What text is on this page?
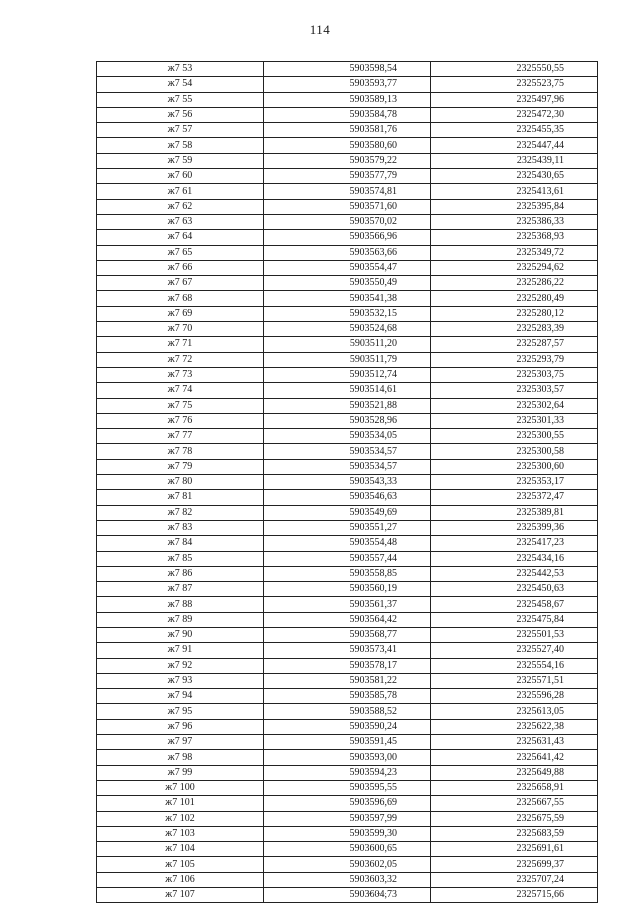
114
ж7 53	5903598,54	2325550,55
ж7 54	5903593,77	2325523,75
ж7 55	5903589,13	2325497,96
ж7 56	5903584,78	2325472,30
ж7 57	5903581,76	2325455,35
ж7 58	5903580,60	2325447,44
ж7 59	5903579,22	2325439,11
ж7 60	5903577,79	2325430,65
ж7 61	5903574,81	2325413,61
ж7 62	5903571,60	2325395,84
ж7 63	5903570,02	2325386,33
ж7 64	5903566,96	2325368,93
ж7 65	5903563,66	2325349,72
ж7 66	5903554,47	2325294,62
ж7 67	5903550,49	2325286,22
ж7 68	5903541,38	2325280,49
ж7 69	5903532,15	2325280,12
ж7 70	5903524,68	2325283,39
ж7 71	5903511,20	2325287,57
ж7 72	5903511,79	2325293,79
ж7 73	5903512,74	2325303,75
ж7 74	5903514,61	2325303,57
ж7 75	5903521,88	2325302,64
ж7 76	5903528,96	2325301,33
ж7 77	5903534,05	2325300,55
ж7 78	5903534,57	2325300,58
ж7 79	5903534,57	2325300,60
ж7 80	5903543,33	2325353,17
ж7 81	5903546,63	2325372,47
ж7 82	5903549,69	2325389,81
ж7 83	5903551,27	2325399,36
ж7 84	5903554,48	2325417,23
ж7 85	5903557,44	2325434,16
ж7 86	5903558,85	2325442,53
ж7 87	5903560,19	2325450,63
ж7 88	5903561,37	2325458,67
ж7 89	5903564,42	2325475,84
ж7 90	5903568,77	2325501,53
ж7 91	5903573,41	2325527,40
ж7 92	5903578,17	2325554,16
ж7 93	5903581,22	2325571,51
ж7 94	5903585,78	2325596,28
ж7 95	5903588,52	2325613,05
ж7 96	5903590,24	2325622,38
ж7 97	5903591,45	2325631,43
ж7 98	5903593,00	2325641,42
ж7 99	5903594,23	2325649,88
ж7 100	5903595,55	2325658,91
ж7 101	5903596,69	2325667,55
ж7 102	5903597,99	2325675,59
ж7 103	5903599,30	2325683,59
ж7 104	5903600,65	2325691,61
ж7 105	5903602,05	2325699,37
ж7 106	5903603,32	2325707,24
ж7 107	5903604,73	2325715,66
